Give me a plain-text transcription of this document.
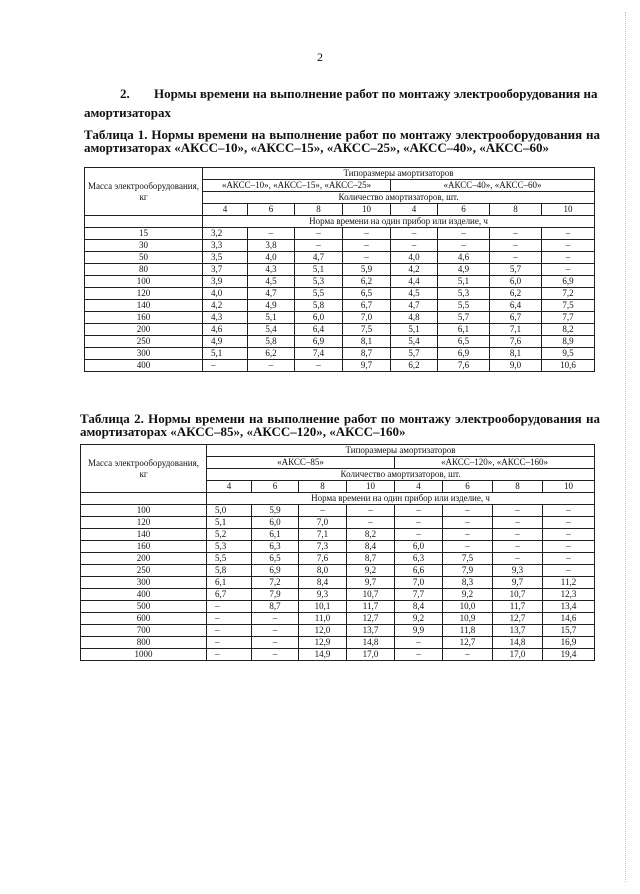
2
2. Нормы времени на выполнение работ по монтажу электрооборудования на амортизаторах
Таблица 1. Нормы времени на выполнение работ по монтажу электрооборудования на амортизаторах «АКСС–10», «АКСС–15», «АКСС–25», «АКСС–40», «АКСС–60»
Масса электрооборудования, кг	Типоразмеры амортизаторов							
	«АКСС–10», «АКСС–15», «АКСС–25»				«АКСС–40», «АКСС–60»			
	Количество амортизаторов, шт.							
	4	6	8	10	4	6	8	10
	Норма времени на один прибор или изделие, ч							
15	3,2	–	–	–	–	–	–	–
30	3,3	3,8	–	–	–	–	–	–
50	3,5	4,0	4,7	–	4,0	4,6	–	–
80	3,7	4,3	5,1	5,9	4,2	4,9	5,7	–
100	3,9	4,5	5,3	6,2	4,4	5,1	6,0	6,9
120	4,0	4,7	5,5	6,5	4,5	5,3	6,2	7,2
140	4,2	4,9	5,8	6,7	4,7	5,5	6,4	7,5
160	4,3	5,1	6,0	7,0	4,8	5,7	6,7	7,7
200	4,6	5,4	6,4	7,5	5,1	6,1	7,1	8,2
250	4,9	5,8	6,9	8,1	5,4	6,5	7,6	8,9
300	5,1	6,2	7,4	8,7	5,7	6,9	8,1	9,5
400	–	–	–	9,7	6,2	7,6	9,0	10,6
Таблица 2. Нормы времени на выполнение работ по монтажу электрооборудования на амортизаторах «АКСС–85», «АКСС–120», «АКСС–160»
Масса электрооборудования, кг	Типоразмеры амортизаторов							
	«АКСС–85»				«АКСС–120», «АКСС–160»			
	Количество амортизаторов, шт.							
	4	6	8	10	4	6	8	10
	Норма времени на один прибор или изделие, ч							
100	5,0	5,9	–	–	–	–	–	–
120	5,1	6,0	7,0	–	–	–	–	–
140	5,2	6,1	7,1	8,2	–	–	–	–
160	5,3	6,3	7,3	8,4	6,0	–	–	–
200	5,5	6,5	7,6	8,7	6,3	7,5	–	–
250	5,8	6,9	8,0	9,2	6,6	7,9	9,3	–
300	6,1	7,2	8,4	9,7	7,0	8,3	9,7	11,2
400	6,7	7,9	9,3	10,7	7,7	9,2	10,7	12,3
500	–	8,7	10,1	11,7	8,4	10,0	11,7	13,4
600	–	–	11,0	12,7	9,2	10,9	12,7	14,6
700	–	–	12,0	13,7	9,9	11,8	13,7	15,7
800	–	–	12,9	14,8	–	12,7	14,8	16,9
1000	–	–	14,9	17,0	–	–	17,0	19,4
